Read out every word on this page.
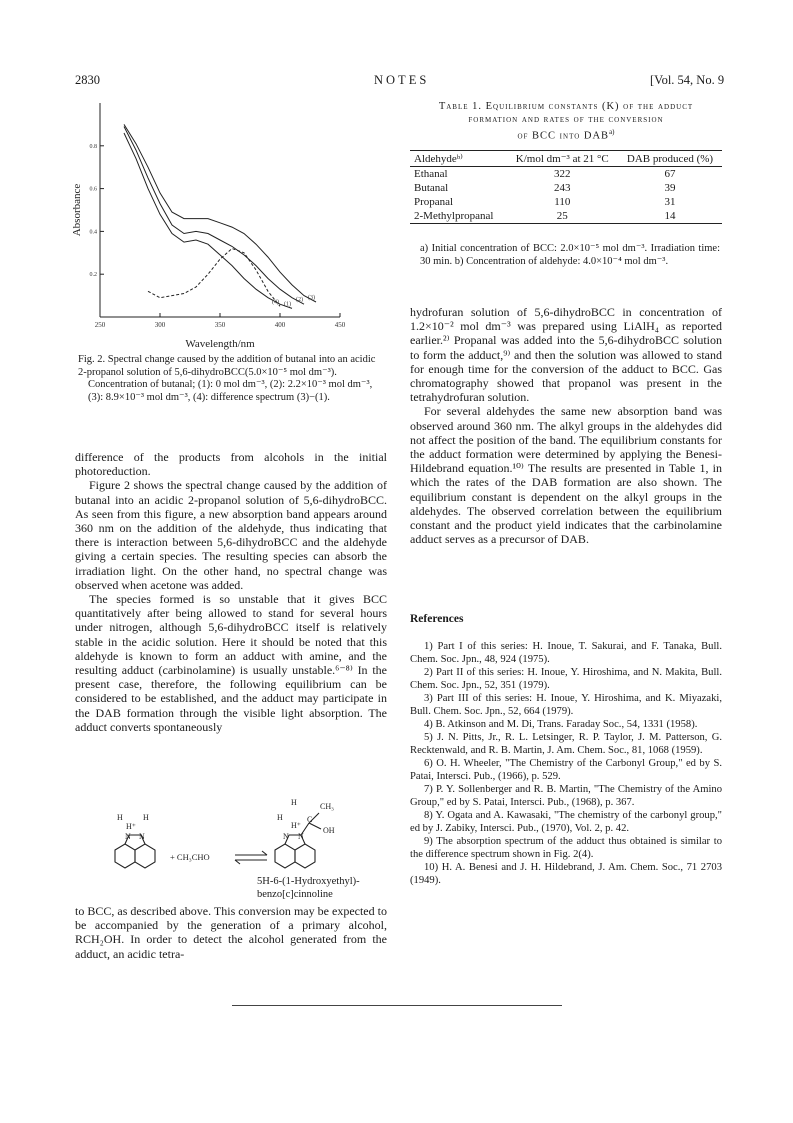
2830	NOTES	[Vol. 54, No. 9
250	300	350	400	450
0.2
0.4
0.6
0.8
Wavelength/nm
Absorbance
(1)
(2) (3)
(4)

Fig. 2. Spectral change caused by the addition of butanal into an acidic 2-propanol solution of 5,6-dihydroBCC(5.0×10⁻⁵ mol dm⁻³).

Concentration of butanal; (1): 0 mol dm⁻³, (2): 2.2×10⁻³ mol dm⁻³, (3): 8.9×10⁻³ mol dm⁻³, (4): difference spectrum (3)−(1).

difference of the products from alcohols in the initial photoreduction.

Figure 2 shows the spectral change caused by the addition of butanal into an acidic 2-propanol solution of 5,6-dihydroBCC. As seen from this figure, a new absorption band appears around 360 nm on the addition of the aldehyde, thus indicating that there is interaction between 5,6-dihydroBCC and the aldehyde giving a certain species. The resulting species can absorb the irradiation light. On the other hand, no spectral change was observed when acetone was added.

The species formed is so unstable that it gives BCC quantitatively after being allowed to stand for several hours under nitrogen, although 5,6-dihydroBCC itself is relatively stable in the acidic solution. Here it should be noted that this aldehyde is known to form an adduct with amine, and the resulting adduct (carbinolamine) is usually unstable.⁶⁻⁸⁾ In the present case, therefore, the following equilibrium can be considered to be established, and the adduct may participate in the DAB formation through the visible light absorption. The adduct converts spontaneously

H	H
H⁺
N N
+ CH₃CHO
H	CH₃
C
H
H⁺
N N
OH
5H-6-(1-Hydroxyethyl)-
benzo[c]cinnoline

to BCC, as described above. This conversion may be expected to be accompanied by the generation of a primary alcohol, RCH₂OH. In order to detect the alcohol generated from the adduct, an acidic tetra-

Table 1. Equilibrium constants (K) of the adduct
formation and rates of the conversion
of BCC into DAB$^{a)}$
Aldehydeᵇ⁾	K/mol dm⁻³ at 21 °C	DAB produced (%)
Ethanal	322	67
Butanal	243	39
Propanal	110	31
2-Methylpropanal	25	14
a) Initial concentration of BCC: 2.0×10⁻⁵ mol dm⁻³. Irradiation time: 30 min. b) Concentration of aldehyde: 4.0×10⁻⁴ mol dm⁻³.

hydrofuran solution of 5,6-dihydroBCC in concentration of 1.2×10⁻² mol dm⁻³ was prepared using LiAlH₄ as reported earlier.²⁾ Propanal was added into the 5,6-dihydroBCC solution to form the adduct,⁹⁾ and then the solution was allowed to stand for enough time for the conversion of the adduct to BCC. Gas chromatography showed that propanol was present in the tetrahydrofuran solution.

For several aldehydes the same new absorption band was observed around 360 nm. The alkyl groups in the aldehydes did not affect the position of the band. The equilibrium constants for the adduct formation were determined by applying the Benesi-Hildebrand equation.¹⁰⁾ The results are presented in Table 1, in which the rates of the DAB formation are also shown. The equilibrium constant is dependent on the alkyl groups in the aldehydes. The observed correlation between the equilibrium constant and the product yield indicates that the carbinolamine adduct serves as a precursor of DAB.

References

1) Part I of this series: H. Inoue, T. Sakurai, and F. Tanaka, Bull. Chem. Soc. Jpn., 48, 924 (1975).

2) Part II of this series: H. Inoue, Y. Hiroshima, and N. Makita, Bull. Chem. Soc. Jpn., 52, 351 (1979).

3) Part III of this series: H. Inoue, Y. Hiroshima, and K. Miyazaki, Bull. Chem. Soc. Jpn., 52, 664 (1979).

4) B. Atkinson and M. Di, Trans. Faraday Soc., 54, 1331 (1958).

5) J. N. Pitts, Jr., R. L. Letsinger, R. P. Taylor, J. M. Patterson, G. Recktenwald, and R. B. Martin, J. Am. Chem. Soc., 81, 1068 (1959).

6) O. H. Wheeler, "The Chemistry of the Carbonyl Group," ed by S. Patai, Intersci. Pub., (1966), p. 529.

7) P. Y. Sollenberger and R. B. Martin, "The Chemistry of the Amino Group," ed by S. Patai, Intersci. Pub., (1968), p. 367.

8) Y. Ogata and A. Kawasaki, "The chemistry of the carbonyl group," ed by J. Zabiky, Intersci. Pub., (1970), Vol. 2, p. 42.

9) The absorption spectrum of the adduct thus obtained is similar to the difference spectrum shown in Fig. 2(4).

10) H. A. Benesi and J. H. Hildebrand, J. Am. Chem. Soc., 71 2703 (1949).
